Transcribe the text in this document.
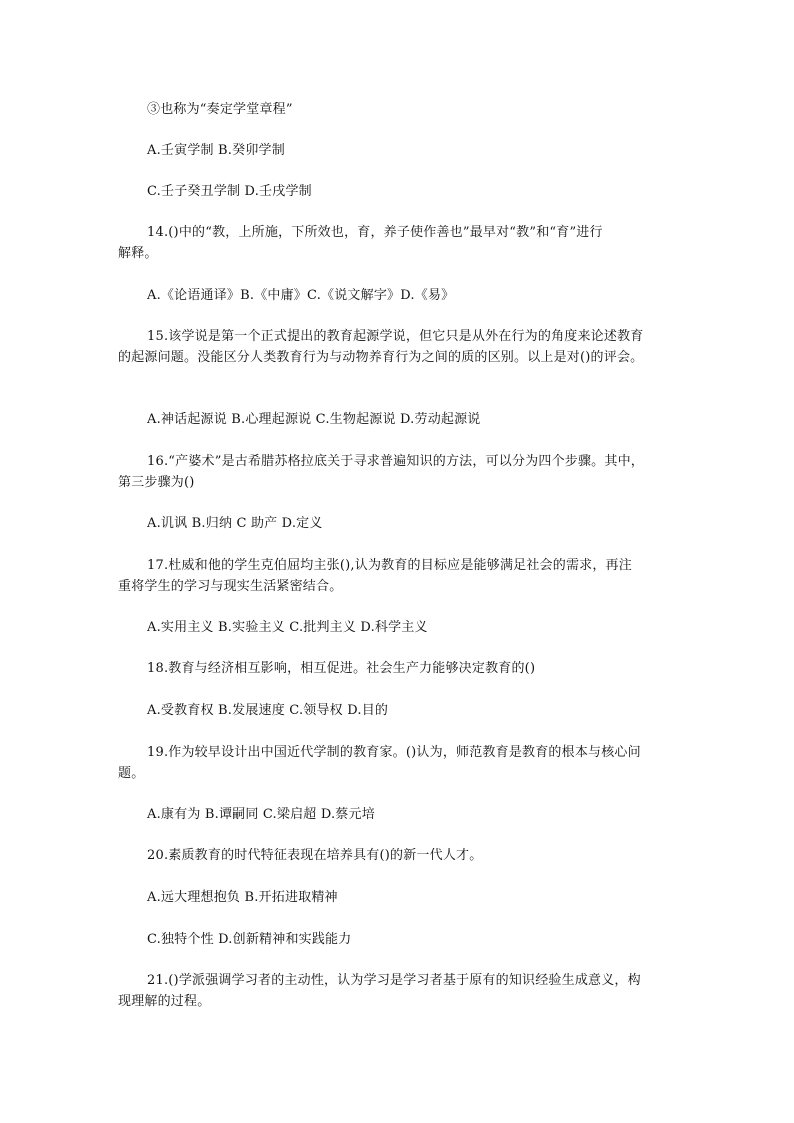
③也称为“奏定学堂章程”
A.壬寅学制 B.癸卯学制
C.壬子癸丑学制 D.壬戌学制
14.()中的“教，上所施，下所效也，育，养子使作善也”最早对“教”和“育”进行
解释。
A.《论语通译》B.《中庸》C.《说文解字》D.《易》
15.该学说是第一个正式提出的教育起源学说，但它只是从外在行为的角度来论述教育
的起源问题。没能区分人类教育行为与动物养育行为之间的质的区别。以上是对()的评会。
A.神话起源说 B.心理起源说 C.生物起源说 D.劳动起源说
16.“产婆术”是古希腊苏格拉底关于寻求普遍知识的方法，可以分为四个步骤。其中，
第三步骤为()
A.讥讽 B.归纳 C 助产 D.定义
17.杜威和他的学生克伯屈均主张(),认为教育的目标应是能够满足社会的需求，再注
重将学生的学习与现实生活紧密结合。
A.实用主义 B.实验主义 C.批判主义 D.科学主义
18.教育与经济相互影响，相互促进。社会生产力能够决定教育的()
A.受教育权 B.发展速度 C.领导权 D.目的
19.作为较早设计出中国近代学制的教育家。()认为，师范教育是教育的根本与核心问
题。
A.康有为 B.谭嗣同 C.梁启超 D.蔡元培
20.素质教育的时代特征表现在培养具有()的新一代人才。
A.远大理想抱负 B.开拓进取精神
C.独特个性 D.创新精神和实践能力
21.()学派强调学习者的主动性，认为学习是学习者基于原有的知识经验生成意义，构
现理解的过程。
